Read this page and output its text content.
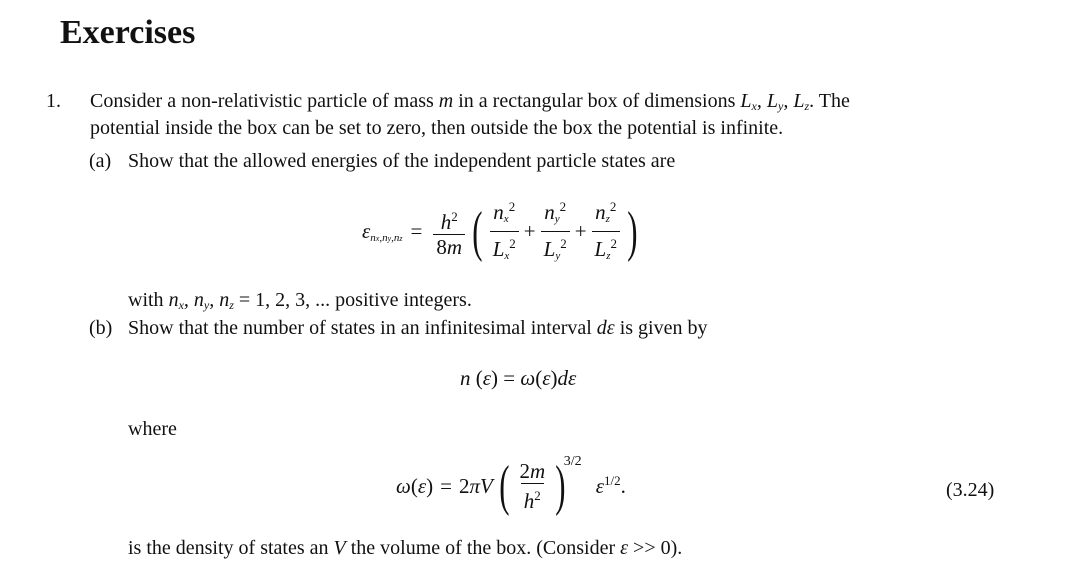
Exercises
1. Consider a non-relativistic particle of mass m in a rectangular box of dimensions $L_x$, $L_y$, $L_z$. The
potential inside the box can be set to zero, then outside the box the potential is infinite.
(a) Show that the allowed energies of the independent particle states are
$\varepsilon nx,ny,nz = \frac{h^2}{8m}$ ( $\frac{nx^2}{Lx^2} + \frac{ny^2}{Ly^2} + \frac{nz^2}{Lz^2}$ )
with $n_x$, $n_y$, $n_z = 1$, 2, 3, ... positive integers.
(b) Show that the number of states in an infinitesimal interval dε is given by
n (ε) = ω(ε)dε
where
ω ( ε ) = 2πV ( $\frac{2m}{h^2}$ )
3/2
$\varepsilon^{1/2}$.	(3.24)
is the density of states an V the volume of the box. (Consider ε >> 0).
